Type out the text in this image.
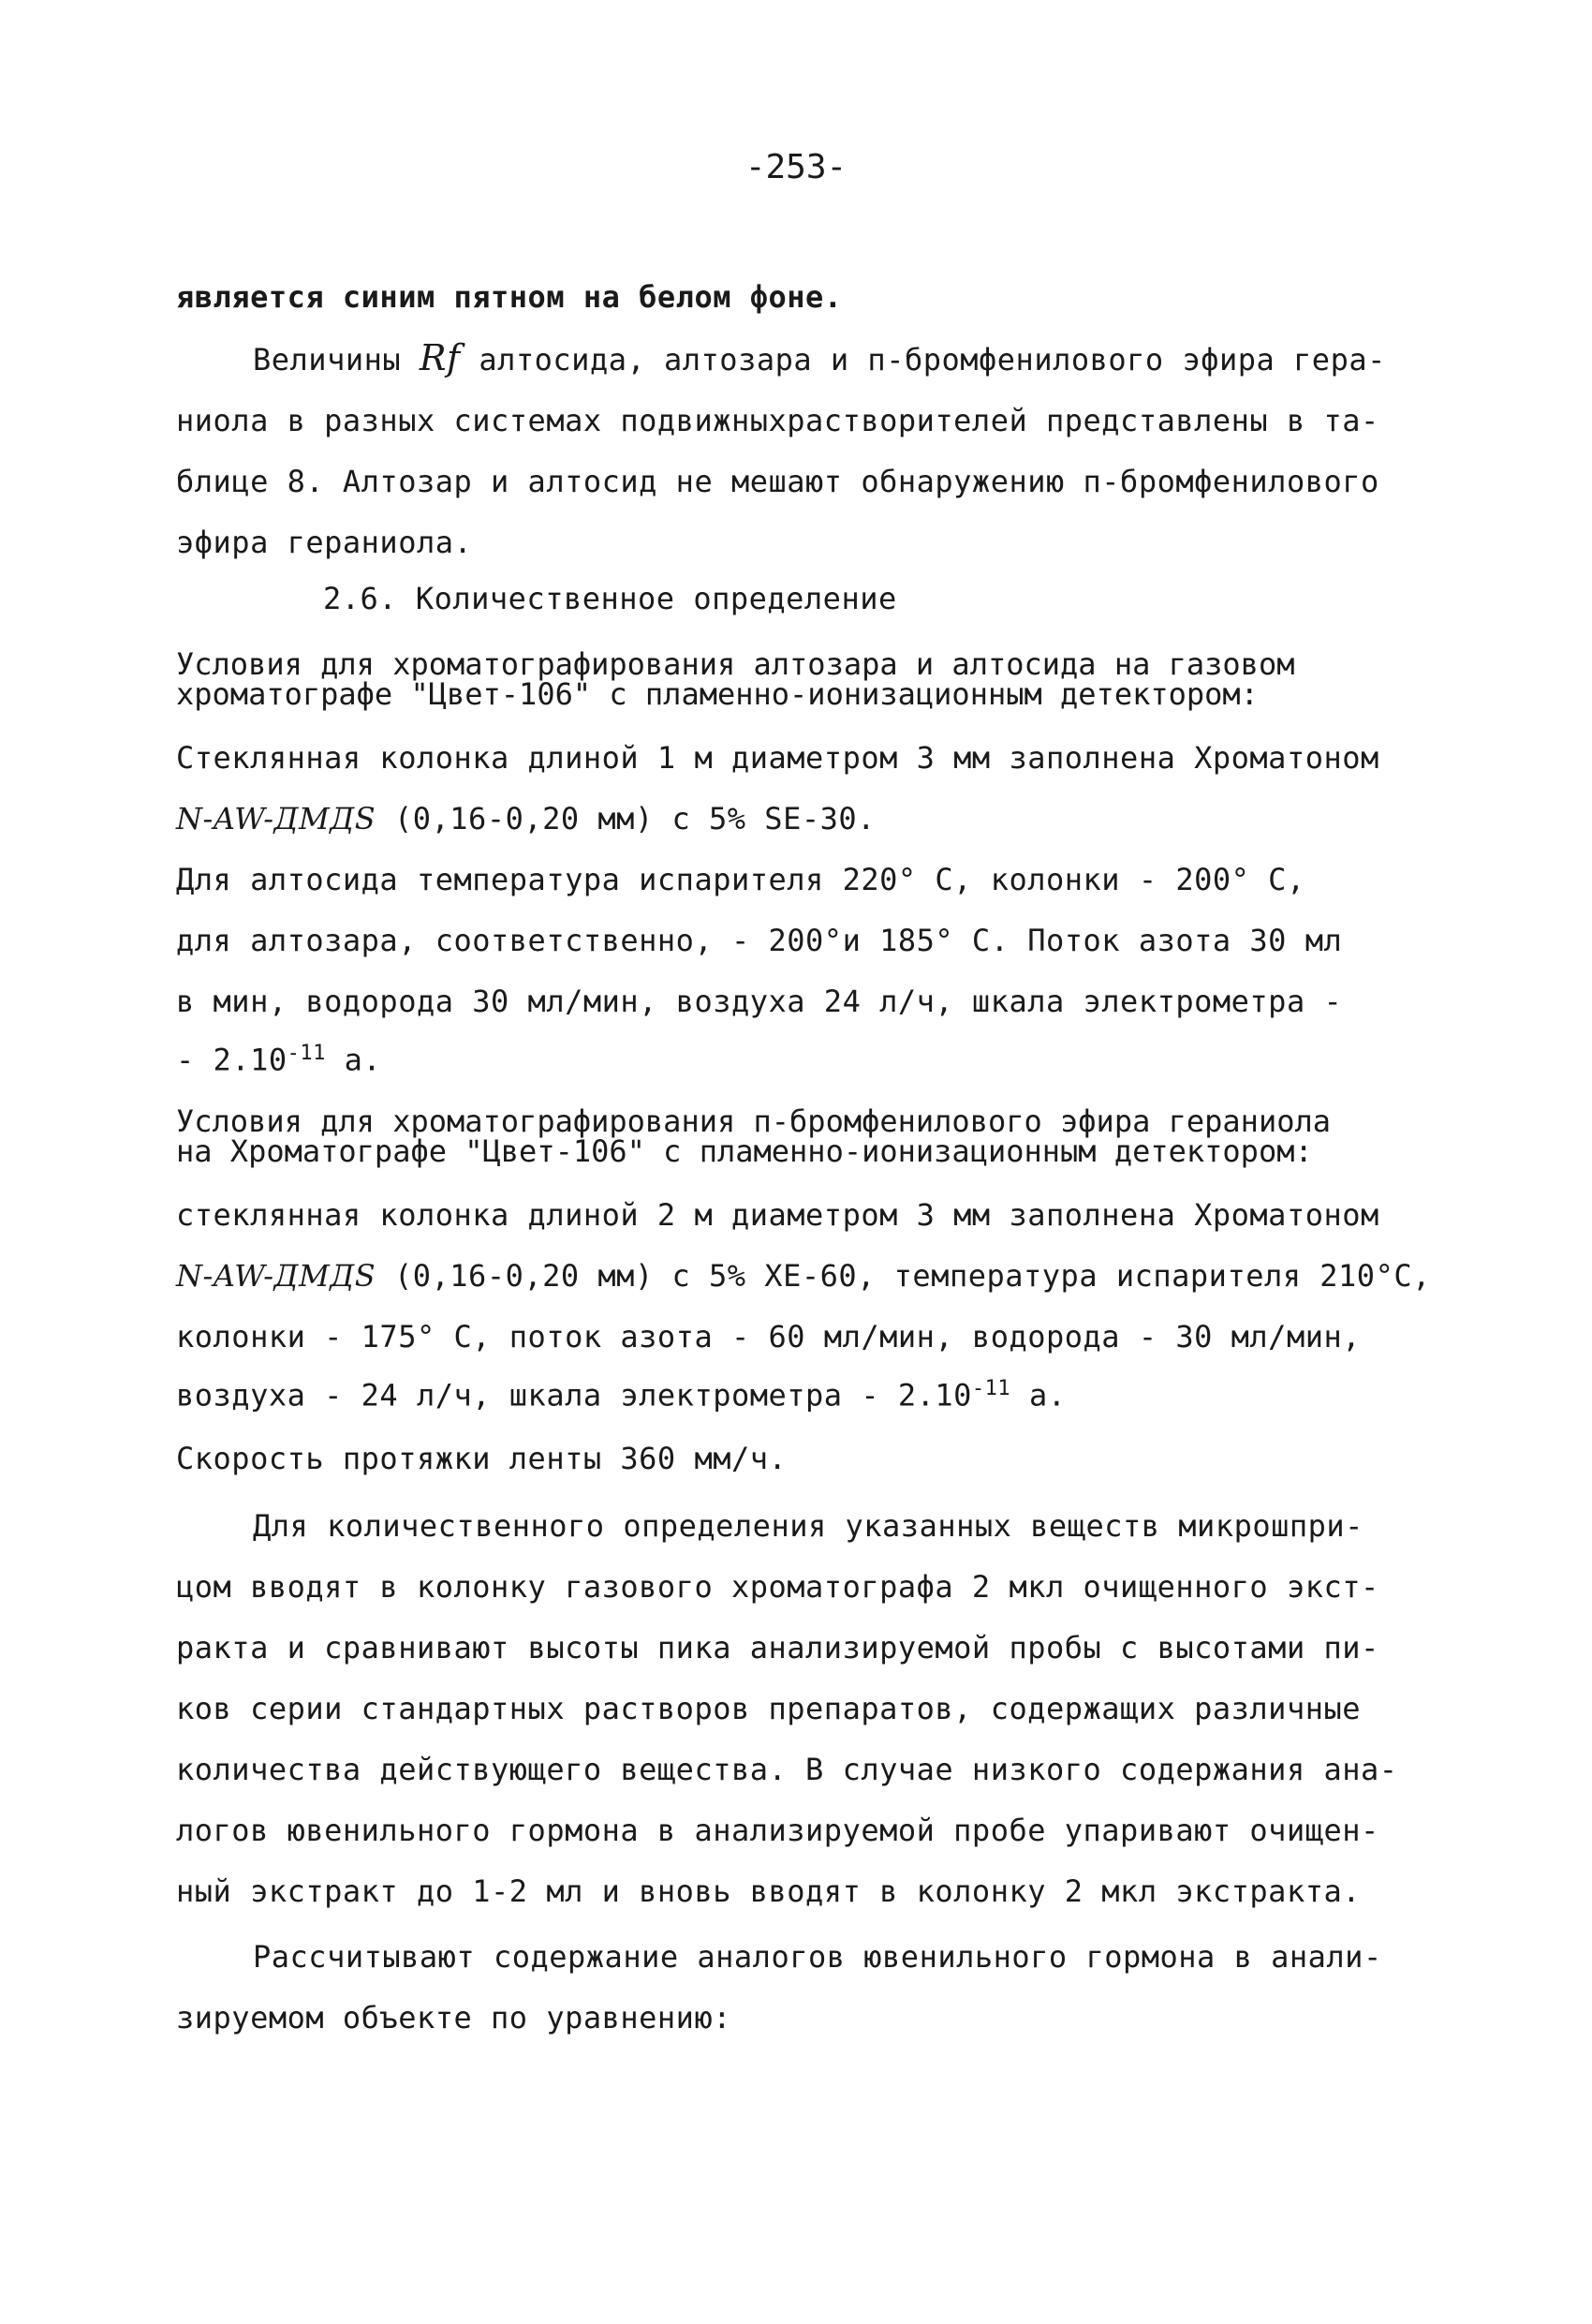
-253-
является синим пятном на белом фоне.
Величины Rf алтосида, алтозара и п-бромфенилового эфира гера-
ниола в разных системах подвижныхрастворителей представлены в та-
блице 8. Алтозар и алтосид не мешают обнаружению п-бромфенилового
эфира гераниола.
2.6. Количественное определение
Условия для хроматографирования алтозара и алтосида на газовом
хроматографе "Цвет-106" с пламенно-ионизационным детектором:
Стеклянная колонка длиной 1 м диаметром 3 мм заполнена Хроматоном
N-AW-ДМДS (0,16-0,20 мм) с 5% SE-30.
Для алтосида температура испарителя 220° С, колонки - 200° С,
для алтозара, соответственно, - 200°и 185° С. Поток азота 30 мл
в мин, водорода 30 мл/мин, воздуха 24 л/ч, шкала электрометра -
- $2.10^{-11}$ а.
Условия для хроматографирования п-бромфенилового эфира гераниола
на Хроматографе "Цвет-106" с пламенно-ионизационным детектором:
стеклянная колонка длиной 2 м диаметром 3 мм заполнена Хроматоном
N-AW-ДМДS (0,16-0,20 мм) с 5% XE-60, температура испарителя 210°С,
колонки - 175° С, поток азота - 60 мл/мин, водорода - 30 мл/мин,
воздуха - 24 л/ч, шкала электрометра - $2.10^{-11}$ а.
Скорость протяжки ленты 360 мм/ч.
Для количественного определения указанных веществ микрошпри-
цом вводят в колонку газового хроматографа 2 мкл очищенного экст-
ракта и сравнивают высоты пика анализируемой пробы с высотами пи-
ков серии стандартных растворов препаратов, содержащих различные
количества действующего вещества. В случае низкого содержания ана-
логов ювенильного гормона в анализируемой пробе упаривают очищен-
ный экстракт до 1-2 мл и вновь вводят в колонку 2 мкл экстракта.
Рассчитывают содержание аналогов ювенильного гормона в анали-
зируемом объекте по уравнению:
